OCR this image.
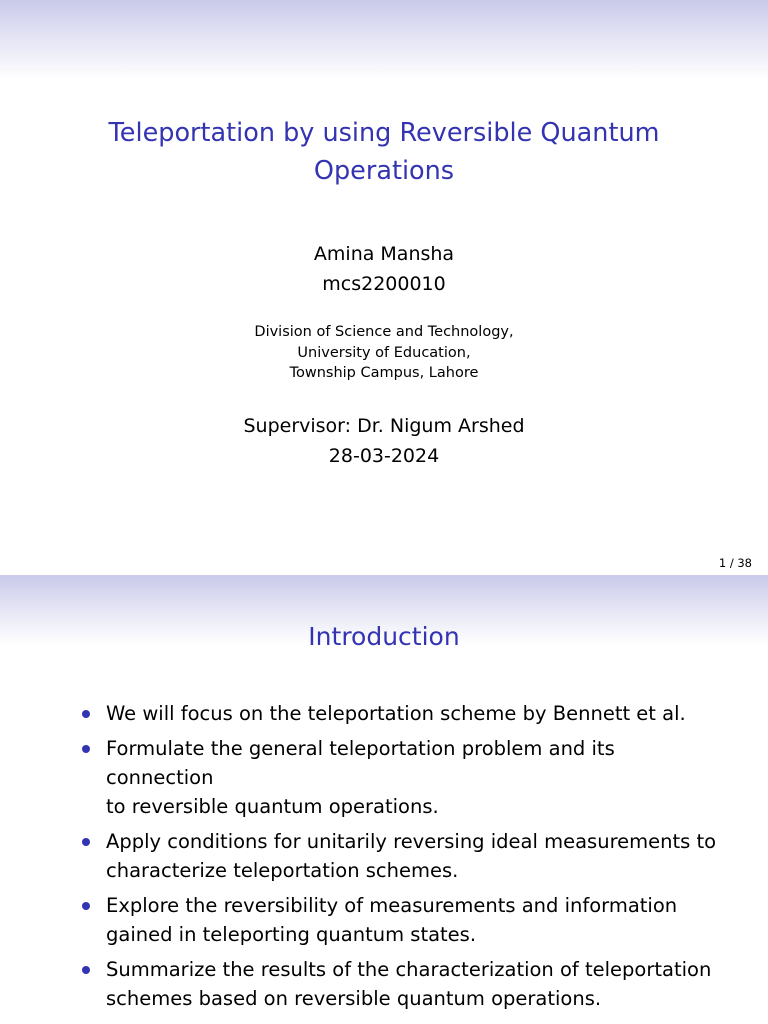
Teleportation by using Reversible Quantum
Operations
Amina Mansha
mcs2200010
Division of Science and Technology,
University of Education,
Township Campus, Lahore
Supervisor: Dr. Nigum Arshed
28-03-2024
1 / 38
Introduction
We will focus on the teleportation scheme by Bennett et al.
Formulate the general teleportation problem and its connection
to reversible quantum operations.
Apply conditions for unitarily reversing ideal measurements to
characterize teleportation schemes.
Explore the reversibility of measurements and information
gained in teleporting quantum states.
Summarize the results of the characterization of teleportation
schemes based on reversible quantum operations.
